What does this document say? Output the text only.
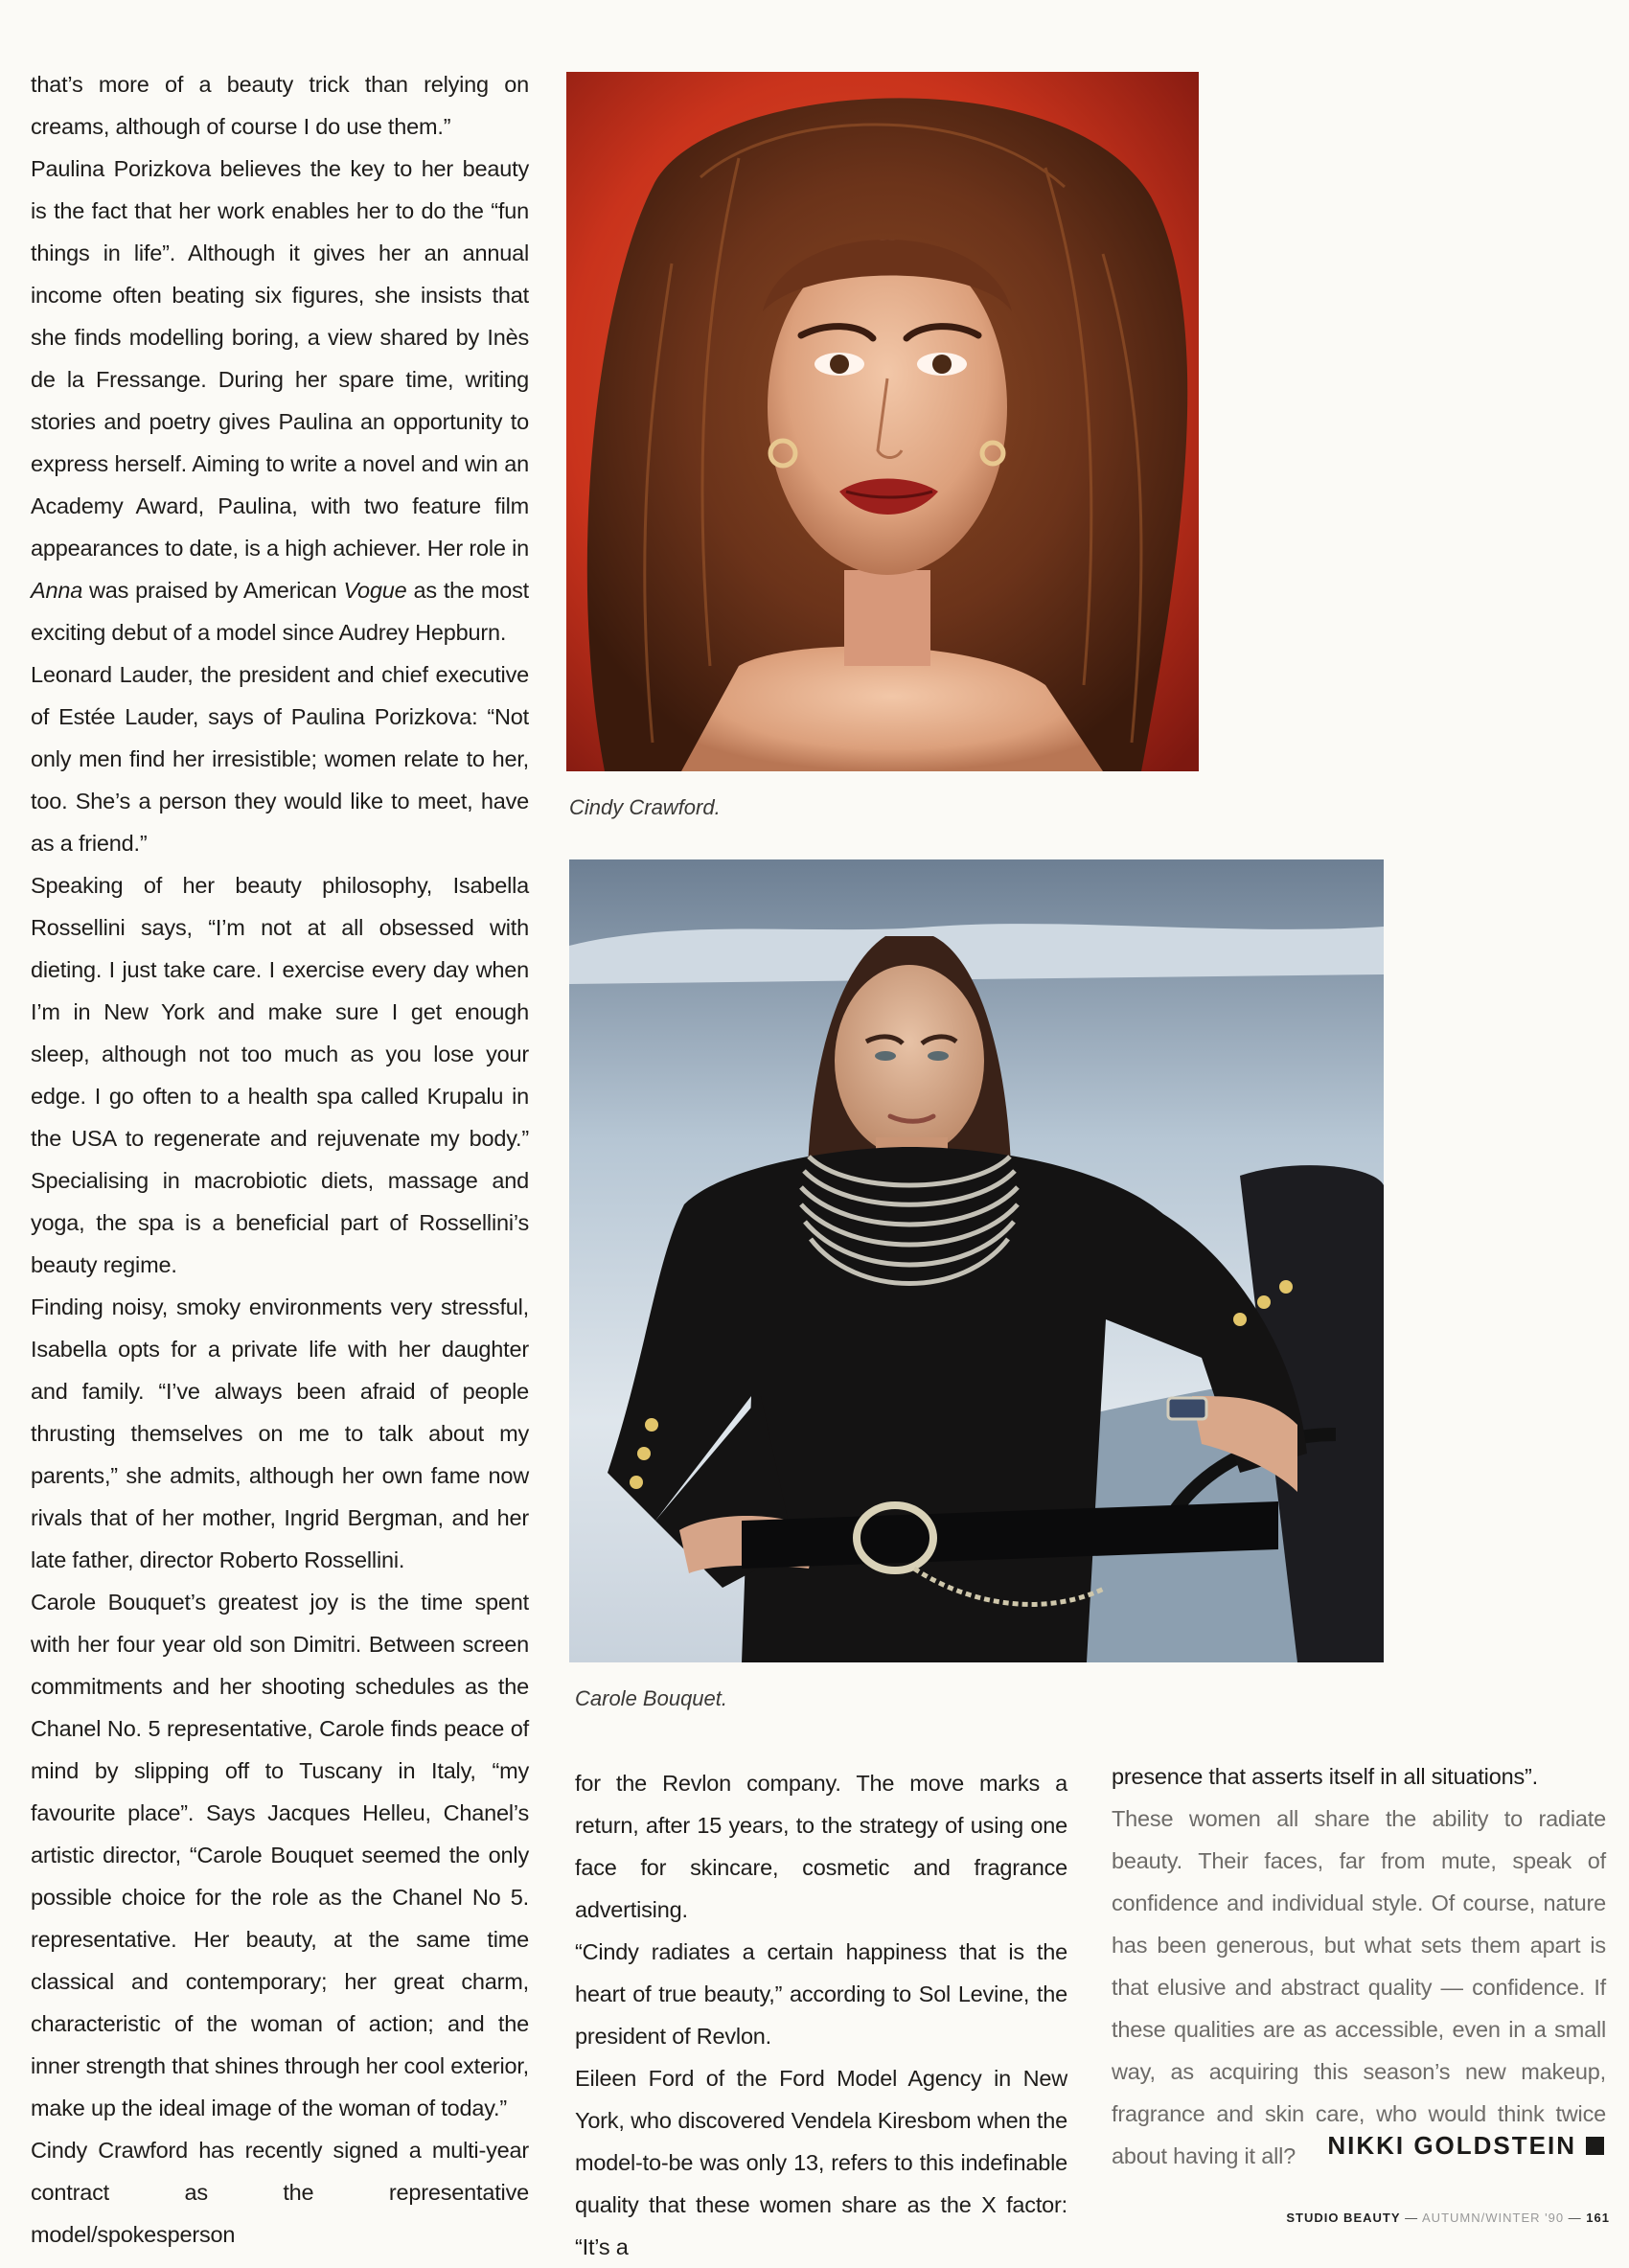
that’s more of a beauty trick than relying on creams, although of course I do use them.”

Paulina Porizkova believes the key to her beauty is the fact that her work enables her to do the “fun things in life”. Although it gives her an annual income often beating six figures, she insists that she finds modelling boring, a view shared by Inès de la Fressange. During her spare time, writing stories and poetry gives Paulina an opportunity to express herself. Aiming to write a novel and win an Academy Award, Paulina, with two feature film appearances to date, is a high achiever. Her role in Anna was praised by American Vogue as the most exciting debut of a model since Audrey Hepburn.

Leonard Lauder, the president and chief executive of Estée Lauder, says of Paulina Porizkova: “Not only men find her irresistible; women relate to her, too. She’s a person they would like to meet, have as a friend.”

Speaking of her beauty philosophy, Isabella Rossellini says, “I’m not at all obsessed with dieting. I just take care. I exercise every day when I’m in New York and make sure I get enough sleep, although not too much as you lose your edge. I go often to a health spa called Krupalu in the USA to regenerate and rejuvenate my body.” Specialising in macrobiotic diets, massage and yoga, the spa is a beneficial part of Rossellini’s beauty regime.

Finding noisy, smoky environments very stressful, Isabella opts for a private life with her daughter and family. “I’ve always been afraid of people thrusting themselves on me to talk about my parents,” she admits, although her own fame now rivals that of her mother, Ingrid Bergman, and her late father, director Roberto Rossellini.

Carole Bouquet’s greatest joy is the time spent with her four year old son Dimitri. Between screen commitments and her shooting schedules as the Chanel No. 5 representative, Carole finds peace of mind by slipping off to Tuscany in Italy, “my favourite place”. Says Jacques Helleu, Chanel’s artistic director, “Carole Bouquet seemed the only possible choice for the role as the Chanel No 5. representative. Her beauty, at the same time classical and contemporary; her great charm, characteristic of the woman of action; and the inner strength that shines through her cool exterior, make up the ideal image of the woman of today.”

Cindy Crawford has recently signed a multi-year contract as the representative model/spokesperson

Cindy Crawford.
Carole Bouquet.

for the Revlon company. The move marks a return, after 15 years, to the strategy of using one face for skincare, cosmetic and fragrance advertising.

“Cindy radiates a certain happiness that is the heart of true beauty,” according to Sol Levine, the president of Revlon.

Eileen Ford of the Ford Model Agency in New York, who discovered Vendela Kiresbom when the model-to-be was only 13, refers to this indefinable quality that these women share as the X factor: “It’s a

presence that asserts itself in all situations”.

These women all share the ability to radiate beauty. Their faces, far from mute, speak of confidence and individual style. Of course, nature has been generous, but what sets them apart is that elusive and abstract quality — confidence. If these qualities are as accessible, even in a small way, as acquiring this season’s new makeup, fragrance and skin care, who would think twice about having it all?	NIKKI GOLDSTEIN
STUDIO BEAUTY — AUTUMN/WINTER '90 — 161
